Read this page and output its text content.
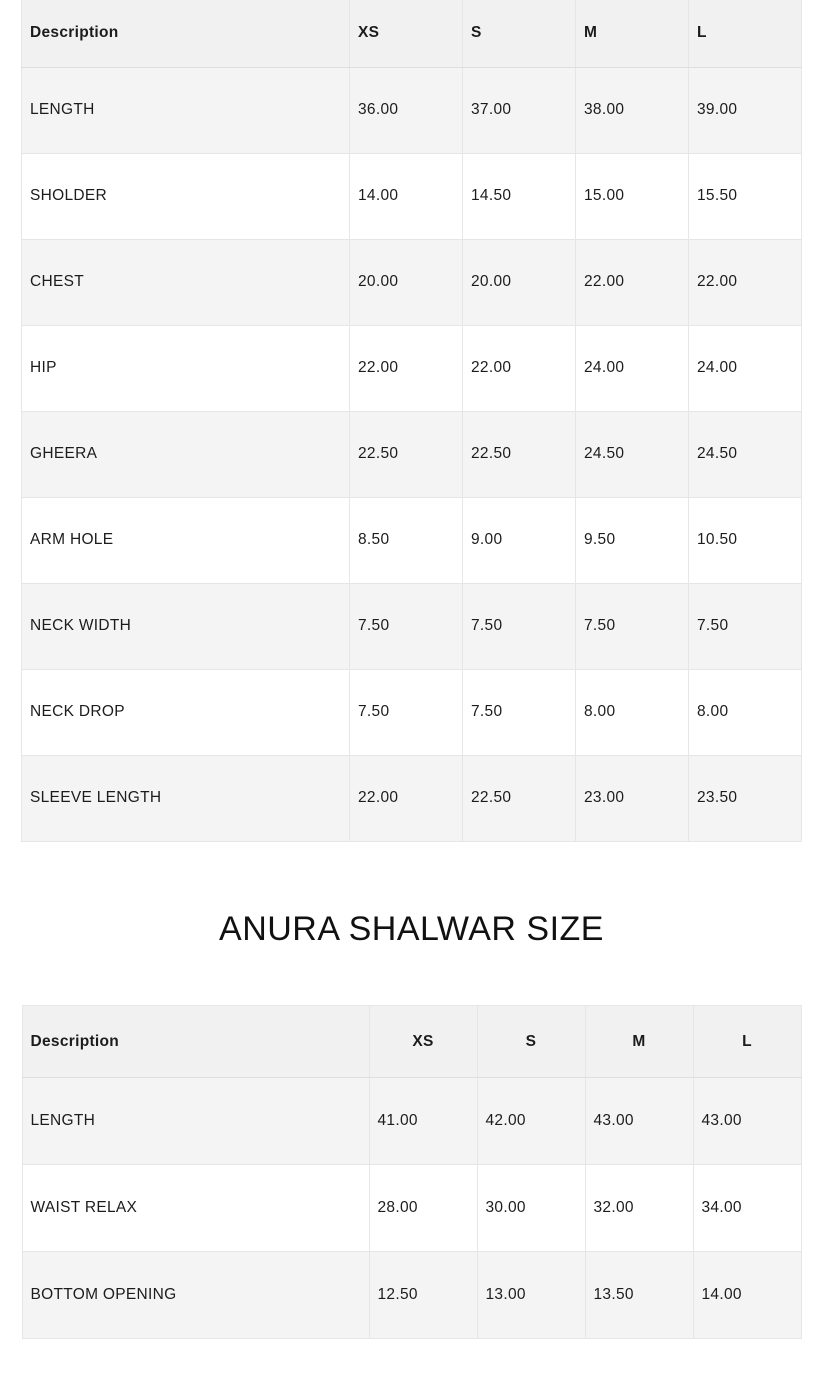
Description	XS	S	M	L
LENGTH	36.00	37.00	38.00	39.00
SHOLDER	14.00	14.50	15.00	15.50
CHEST	20.00	20.00	22.00	22.00
HIP	22.00	22.00	24.00	24.00
GHEERA	22.50	22.50	24.50	24.50
ARM HOLE	8.50	9.00	9.50	10.50
NECK WIDTH	7.50	7.50	7.50	7.50
NECK DROP	7.50	7.50	8.00	8.00
SLEEVE LENGTH	22.00	22.50	23.00	23.50
ANURA SHALWAR SIZE
Description	XS	S	M	L
LENGTH	41.00	42.00	43.00	43.00
WAIST RELAX	28.00	30.00	32.00	34.00
BOTTOM OPENING	12.50	13.00	13.50	14.00
